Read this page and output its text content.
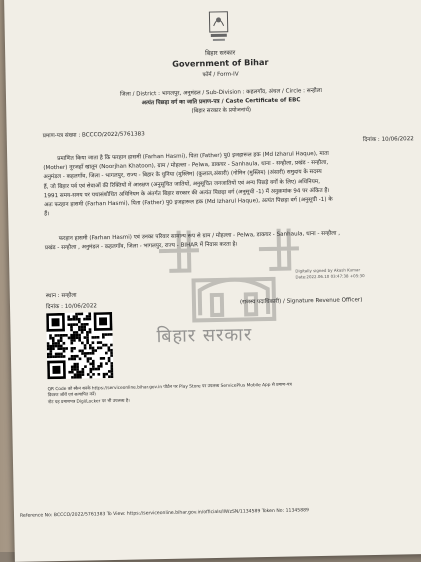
बिहार सरकार
Government of Bihar
फॉर्म / Form-IV
जिला / District : भागलपुर, अनुमंडल / Sub-Division : कहलगाँव, अंचल / Circle : सन्हौला
अत्यंत पिछड़ा वर्ग का जाति प्रमाण-पत्र / Caste Certificate of EBC
(बिहार सरकार के प्रयोजनार्थ)
प्रमाण-पत्र संख्या : BCCCO/2022/5761383
दिनांक : 10/06/2022
प्रमाणित किया जाता है कि फरहान हासमी (Farhan Hasmi), पिता (Father) पु0 इजहारूल हक (Md Izharul Haque), माता
(Mother) नूरजहाँ खातून (Noorjhan Khatoon), ग्राम / मोहल्ला - Pelwa, डाकघर - Sanhaula, थाना - सन्हौला, प्रखंड - सन्हौला,
अनुमंडल - कहलगाँव, जिला - भागलपुर, राज्य - बिहार के धुनिया (मुस्लिम) (कुलाल,अंसारी) (नोमिन (मुस्लिम) (अंसारी) समुदाय के सदस्य
हैं, जो बिहार पर्व एवं सेवाओं की रिक्तियों में आरक्षण (अनुसूचित जातियों, अनुसूचित जनजातियों एवं अन्य पिछड़े वर्गों के लिए) अधिनियम,
1991 समय-समय पर यथासंशोधित अधिनियम के अंतर्गत बिहार सरकार की अत्यंत पिछड़ा वर्ग (अनुसूची -1) में अनुक्रमांक 94 पर अंकित हैं।
अतः फरहान हासमी (Farhan Hasmi), पिता (Father) पु0 इजहारूल हक (Md Izharul Haque), अत्यंत पिछड़ा वर्ग (अनुसूची -1) के
हैं।
फरहान हासमी (Farhan Hasmi) एवं उनका परिवार सामान्य रूप से ग्राम / मोहल्ला - Pelwa, डाकघर - Sanhaula, थाना - सन्हौला ,
प्रखंड - सन्हौला , अनुमंडल - कहलगाँव, जिला - भागलपुर, राज्य - BIHAR में निवास करता है।
Digitally signed by Akash Kumar
Date:2022.06.10 03:47:38 +05:30
स्थान : सन्हौला
दिनांक : 10/06/2022
(राजस्व पदाधिकारी) / Signature Revenue Officer)
बिहार सरकार
QR Code को स्कैन करके https://serviceonline.bihar.gov.in पोर्टल पर Play Store पर उपलब्ध ServicePlus Mobile App से प्रमाण-पत्र
विवरण जाँचें एवं सत्यापित करें।
नोट यह प्रमाणपत्र Digi/Locker पर भी उपलब्ध है।
Reference No: BCCCO/2022/5761383 To View: https://serviceonline.bihar.gov.in/officials/IlWzSN/1134589 Token No: 11345889
